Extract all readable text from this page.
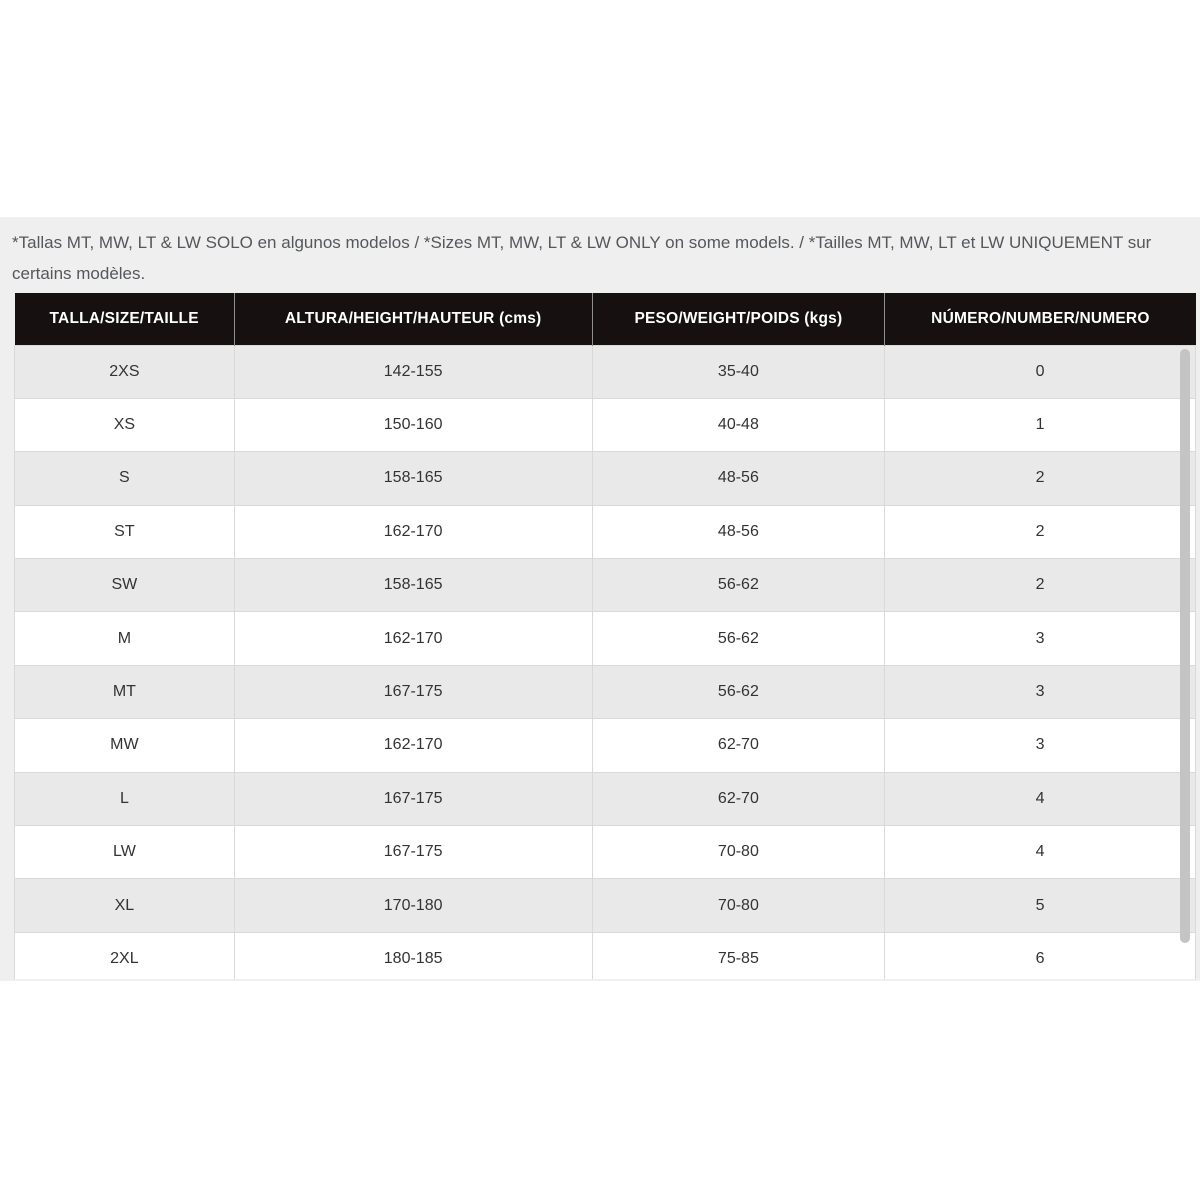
*Tallas MT, MW, LT & LW SOLO en algunos modelos / *Sizes MT, MW, LT & LW ONLY on some models. / *Tailles MT, MW, LT et LW UNIQUEMENT sur certains modèles.

TALLA/SIZE/TAILLE	ALTURA/HEIGHT/HAUTEUR (cms)	PESO/WEIGHT/POIDS (kgs)	NÚMERO/NUMBER/NUMERO
2XS	142-155	35-40	0
XS	150-160	40-48	1
S	158-165	48-56	2
ST	162-170	48-56	2
SW	158-165	56-62	2
M	162-170	56-62	3
MT	167-175	56-62	3
MW	162-170	62-70	3
L	167-175	62-70	4
LW	167-175	70-80	4
XL	170-180	70-80	5
2XL	180-185	75-85	6
